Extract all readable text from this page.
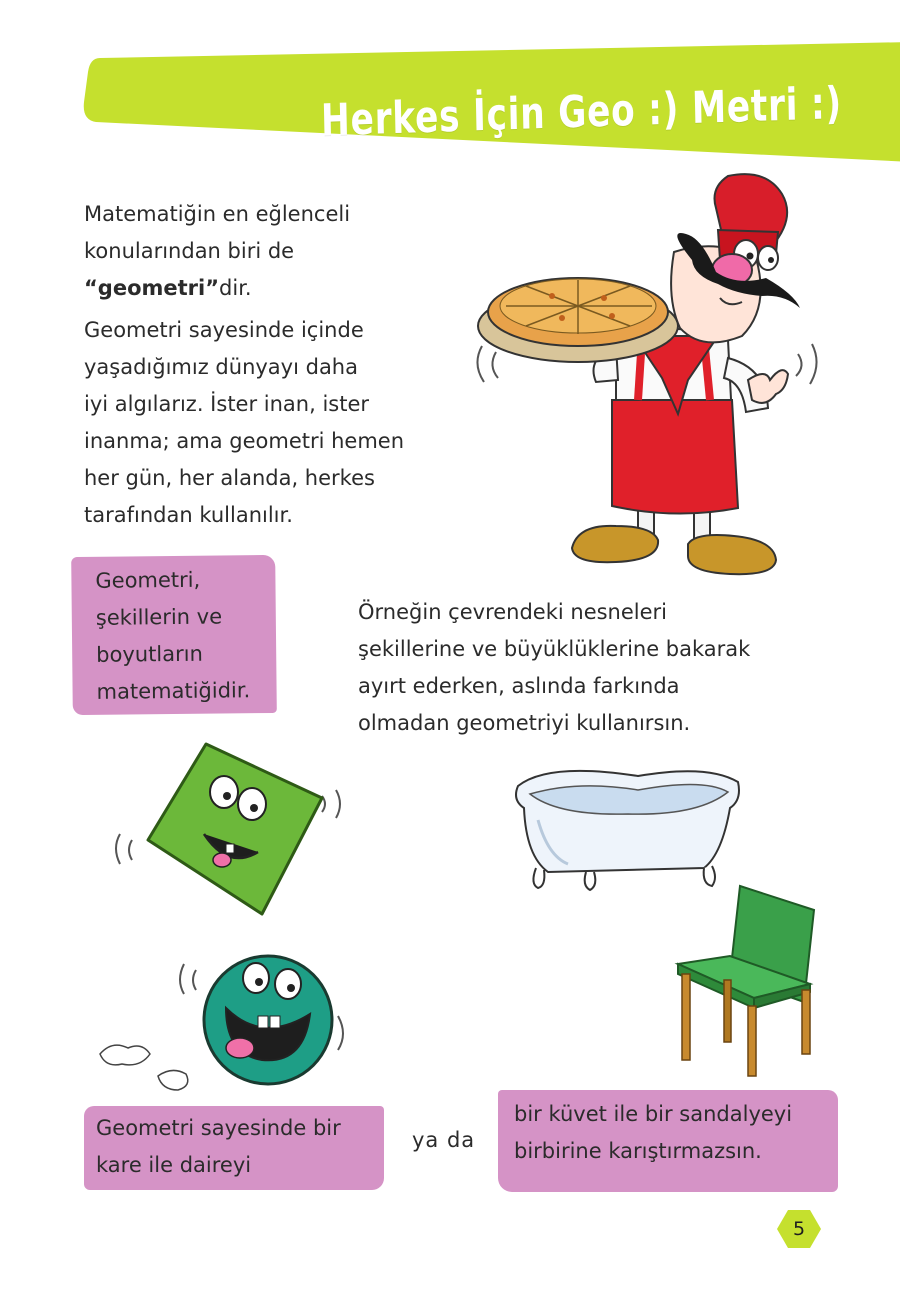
Herkes İçin Geo :) Metri :)
Matematiğin en eğlenceli
konularından biri de
“geometri”dir.
Geometri sayesinde içinde
yaşadığımız dünyayı daha
iyi algılarız. İster inan, ister
inanma; ama geometri hemen
her gün, her alanda, herkes
tarafından kullanılır.
Geometri,
şekillerin ve
boyutların
matematiğidir.
Örneğin çevrendeki nesneleri
şekillerine ve büyüklüklerine bakarak
ayırt ederken, aslında farkında
olmadan geometriyi kullanırsın.
Geometri sayesinde bir
kare ile daireyi
ya da
bir küvet ile bir sandalyeyi
birbirine karıştırmazsın.
5
